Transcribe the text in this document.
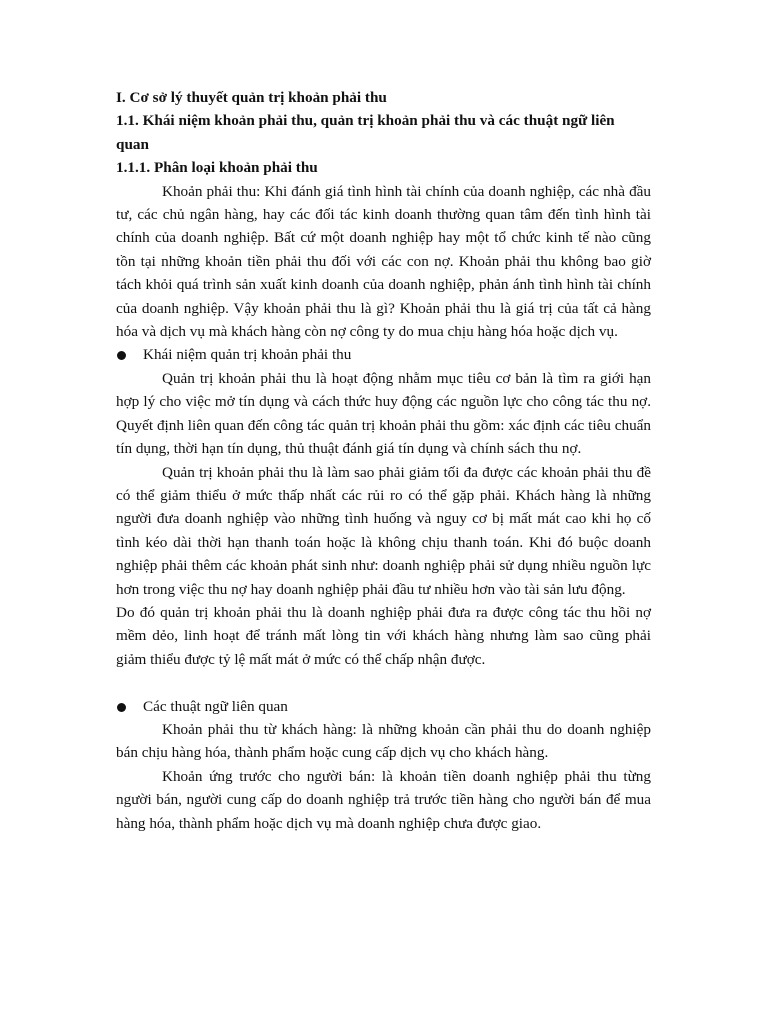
I. Cơ sở lý thuyết quản trị khoản phải thu

1.1. Khái niệm khoản phải thu, quản trị khoản phải thu và các thuật ngữ liên quan

1.1.1. Phân loại khoản phải thu

Khoản phải thu: Khi đánh giá tình hình tài chính của doanh nghiệp, các nhà đầu tư, các chủ ngân hàng, hay các đối tác kinh doanh thường quan tâm đến tình hình tài chính của doanh nghiệp. Bất cứ một doanh nghiệp hay một tổ chức kinh tế nào cũng tồn tại những khoản tiền phải thu đối với các con nợ. Khoản phải thu không bao giờ tách khỏi quá trình sản xuất kinh doanh của doanh nghiệp, phản ánh tình hình tài chính của doanh nghiệp. Vậy khoản phải thu là gì? Khoản phải thu là giá trị của tất cả hàng hóa và dịch vụ mà khách hàng còn nợ công ty do mua chịu hàng hóa hoặc dịch vụ.

Khái niệm quản trị khoản phải thu

Quản trị khoản phải thu là hoạt động nhằm mục tiêu cơ bản là tìm ra giới hạn hợp lý cho việc mở tín dụng và cách thức huy động các nguồn lực cho công tác thu nợ. Quyết định liên quan đến công tác quản trị khoản phải thu gồm: xác định các tiêu chuẩn tín dụng, thời hạn tín dụng, thủ thuật đánh giá tín dụng và chính sách thu nợ.

Quản trị khoản phải thu là làm sao phải giảm tối đa được các khoản phải thu đề có thể giảm thiểu ở mức thấp nhất các rủi ro có thể gặp phải. Khách hàng là những người đưa doanh nghiệp vào những tình huống và nguy cơ bị mất mát cao khi họ cố tình kéo dài thời hạn thanh toán hoặc là không chịu thanh toán. Khi đó buộc doanh nghiệp phải thêm các khoản phát sinh như: doanh nghiệp phải sử dụng nhiều nguồn lực hơn trong việc thu nợ hay doanh nghiệp phải đầu tư nhiều hơn vào tài sản lưu động.

Do đó quản trị khoản phải thu là doanh nghiệp phải đưa ra được công tác thu hồi nợ mềm dẻo, linh hoạt để tránh mất lòng tin với khách hàng nhưng làm sao cũng phải giảm thiểu được tỷ lệ mất mát ở mức có thể chấp nhận được.

Các thuật ngữ liên quan

Khoản phải thu từ khách hàng: là những khoản cần phải thu do doanh nghiệp bán chịu hàng hóa, thành phẩm hoặc cung cấp dịch vụ cho khách hàng.

Khoản ứng trước cho người bán: là khoản tiền doanh nghiệp phải thu từng người bán, người cung cấp do doanh nghiệp trả trước tiền hàng cho người bán để mua hàng hóa, thành phẩm hoặc dịch vụ mà doanh nghiệp chưa được giao.
